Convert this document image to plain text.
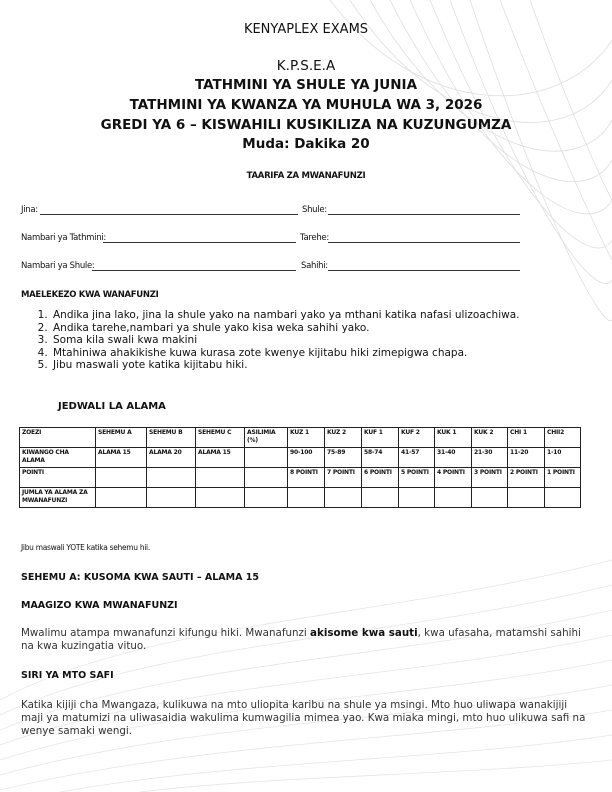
KENYAPLEX EXAMS
K.P.S.E.A
TATHMINI YA SHULE YA JUNIA
TATHMINI YA KWANZA YA MUHULA WA 3, 2026
GREDI YA 6 – KISWAHILI KUSIKILIZA NA KUZUNGUMZA
Muda: Dakika 20
TAARIFA ZA MWANAFUNZI
Jina:	Shule:
Nambari ya Tathmini:	Tarehe:
Nambari ya Shule:	Sahihi:
MAELEKEZO KWA WANAFUNZI
1. Andika jina lako, jina la shule yako na nambari yako ya mthani katika nafasi ulizoachiwa.
2. Andika tarehe,nambari ya shule yako kisa weka sahihi yako.
3. Soma kila swali kwa makini
4. Mtahiniwa ahakikishe kuwa kurasa zote kwenye kijitabu hiki zimepigwa chapa.
5. Jibu maswali yote katika kijitabu hiki.
JEDWALI LA ALAMA
ZOEZI	SEHEMU A	SEHEMU B	SEHEMU C	ASILIMIA (%)	KUZ 1	KUZ 2	KUF 1	KUF 2	KUK 1	KUK 2	CHI 1	CHII2
KIWANGO CHA ALAMA	ALAMA 15	ALAMA 20	ALAMA 15		90-100	75-89	58-74	41-57	31-40	21-30	11-20	1-10
POINTI					8 POINTI	7 POINTI	6 POINTI	5 POINTI	4 POINTI	3 POINTI	2 POINTI	1 POINTI
JUMLA YA ALAMA ZA MWANAFUNZI												
Jibu maswali YOTE katika sehemu hii.
SEHEMU A: KUSOMA KWA SAUTI – ALAMA 15
MAAGIZO KWA MWANAFUNZI
Mwalimu atampa mwanafunzi kifungu hiki. Mwanafunzi akisome kwa sauti, kwa ufasaha, matamshi sahihi na kwa kuzingatia vituo.
SIRI YA MTO SAFI
Katika kijiji cha Mwangaza, kulikuwa na mto uliopita karibu na shule ya msingi. Mto huo uliwapa wanakijiji maji ya matumizi na uliwasaidia wakulima kumwagilia mimea yao. Kwa miaka mingi, mto huo ulikuwa safi na wenye samaki wengi.
